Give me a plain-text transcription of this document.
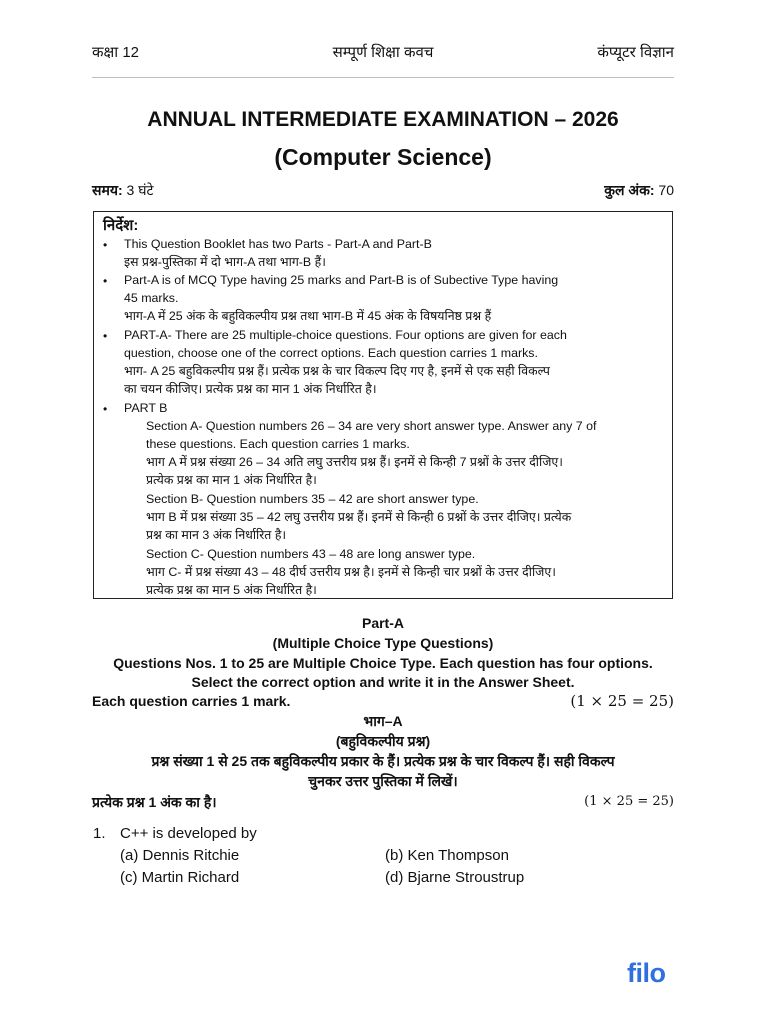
सम्पूर्ण शिक्षा कवच
कक्षा 12	कंप्यूटर विज्ञान
ANNUAL INTERMEDIATE EXAMINATION – 2026
(Computer Science)
समय: 3 घंटे	कुल अंक: 70
निर्देश:
• This Question Booklet has two Parts - Part-A and Part-B
इस प्रश्न-पुस्तिका में दो भाग-A तथा भाग-B हैं।
• Part-A is of MCQ Type having 25 marks and Part-B is of Subective Type having
45 marks.
भाग-A में 25 अंक के बहुविकल्पीय प्रश्न तथा भाग-B में 45 अंक के विषयनिष्ठ प्रश्न हैं
• PART-A- There are 25 multiple-choice questions. Four options are given for each
question, choose one of the correct options. Each question carries 1 marks.
भाग- A 25 बहुविकल्पीय प्रश्न हैं। प्रत्येक प्रश्न के चार विकल्प दिए गए है, इनमें से एक सही विकल्प
का चयन कीजिए। प्रत्येक प्रश्न का मान 1 अंक निर्धारित है।
• PART B
Section A- Question numbers 26 – 34 are very short answer type. Answer any 7 of
these questions. Each question carries 1 marks.
भाग A में प्रश्न संख्या 26 – 34 अति लघु उत्तरीय प्रश्न हैं। इनमें से किन्ही 7 प्रश्नों के उत्तर दीजिए।
प्रत्येक प्रश्न का मान 1 अंक निर्धारित है।
Section B- Question numbers 35 – 42 are short answer type.
भाग B में प्रश्न संख्या 35 – 42 लघु उत्तरीय प्रश्न हैं। इनमें से किन्ही 6 प्रश्नों के उत्तर दीजिए। प्रत्येक
प्रश्न का मान 3 अंक निर्धारित है।
Section C- Question numbers 43 – 48 are long answer type.
भाग C- में प्रश्न संख्या 43 – 48 दीर्घ उत्तरीय प्रश्न है। इनमें से किन्ही चार प्रश्नों के उत्तर दीजिए।
प्रत्येक प्रश्न का मान 5 अंक निर्धारित है।
Part-A
(Multiple Choice Type Questions)
Questions Nos. 1 to 25 are Multiple Choice Type. Each question has four options.
Select the correct option and write it in the Answer Sheet.
Each question carries 1 mark.	(1 × 25 = 25)
भाग–A
(बहुविकल्पीय प्रश्न)
प्रश्न संख्या 1 से 25 तक बहुविकल्पीय प्रकार के हैं। प्रत्येक प्रश्न के चार विकल्प हैं। सही विकल्प
चुनकर उत्तर पुस्तिका में लिखें।
प्रत्येक प्रश्न 1 अंक का है।	(1 × 25 = 25)
1. C++ is developed by
(a) Dennis Ritchie	(b) Ken Thompson
(c) Martin Richard	(d) Bjarne Stroustrup
filo
